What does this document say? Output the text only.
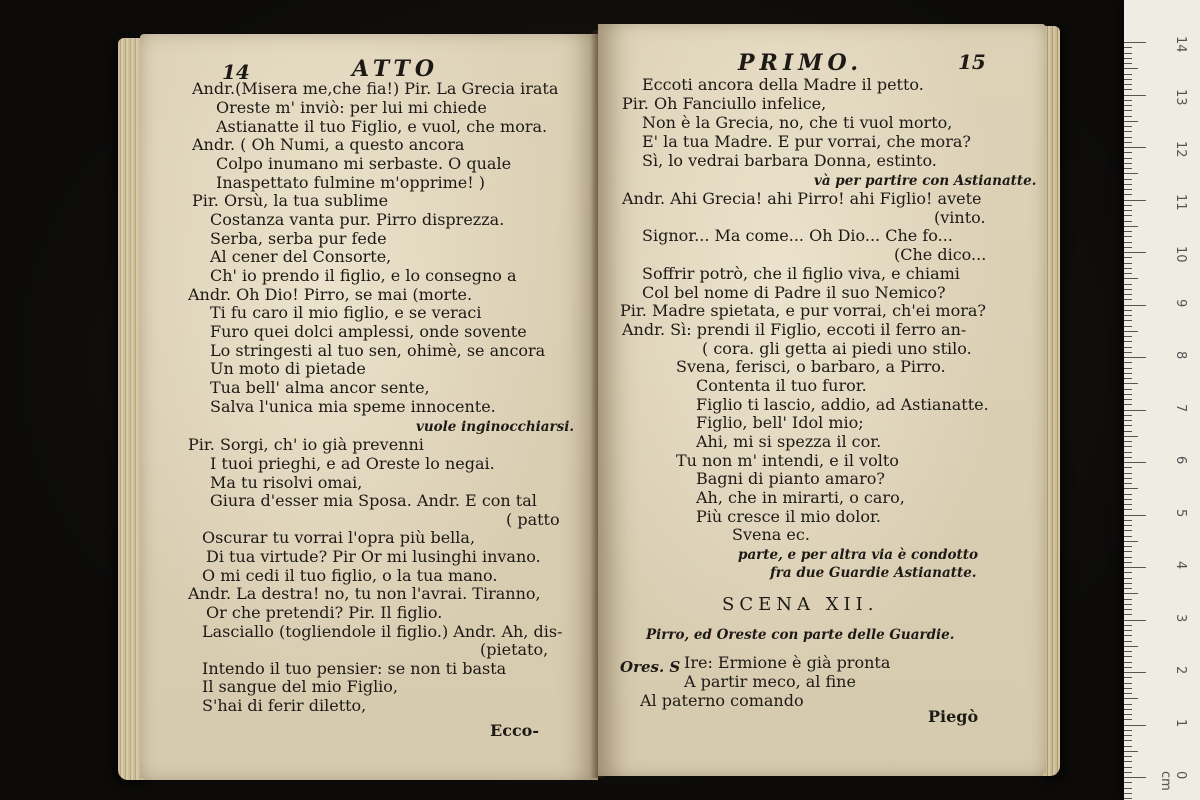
14	ATTO
Andr.(Misera me,che fia!) Pir. La Grecia irata
Oreste m' inviò: per lui mi chiede
Astianatte il tuo Figlio, e vuol, che mora.
Andr. ( Oh Numi, a questo ancora
Colpo inumano mi serbaste. O quale
Inaspettato fulmine m'opprime! )
Pir. Orsù, la tua sublime
Costanza vanta pur. Pirro disprezza.
Serba, serba pur fede
Al cener del Consorte,
Ch' io prendo il figlio, e lo consegno a
Andr. Oh Dio! Pirro, se mai (morte.
Ti fu caro il mio figlio, e se veraci
Furo quei dolci amplessi, onde sovente
Lo stringesti al tuo sen, ohimè, se ancora
Un moto di pietade
Tua bell' alma ancor sente,
Salva l'unica mia speme innocente.
vuole inginocchiarsi.
Pir. Sorgi, ch' io già prevenni
I tuoi prieghi, e ad Oreste lo negai.
Ma tu risolvi omai,
Giura d'esser mia Sposa. Andr. E con tal
( patto
Oscurar tu vorrai l'opra più bella,
Di tua virtude? Pir Or mi lusinghi invano.
O mi cedi il tuo figlio, o la tua mano.
Andr. La destra! no, tu non l'avrai. Tiranno,
Or che pretendi? Pir. Il figlio.
Lasciallo (togliendole il figlio.) Andr. Ah, dis-
(pietato,
Intendo il tuo pensier: se non ti basta
Il sangue del mio Figlio,
S'hai di ferir diletto,
Ecco-
PRIMO.	15
Eccoti ancora della Madre il petto.
Pir. Oh Fanciullo infelice,
Non è la Grecia, no, che ti vuol morto,
E' la tua Madre. E pur vorrai, che mora?
Sì, lo vedrai barbara Donna, estinto.
và per partire con Astianatte.
Andr. Ahi Grecia! ahi Pirro! ahi Figlio! avete
(vinto.
Signor... Ma come... Oh Dio... Che fo...
(Che dico...
Soffrir potrò, che il figlio viva, e chiami
Col bel nome di Padre il suo Nemico?
Pir. Madre spietata, e pur vorrai, ch'ei mora?
Andr. Sì: prendi il Figlio, eccoti il ferro an-
( cora. gli getta ai piedi uno stilo.
Svena, ferisci, o barbaro, a Pirro.
Contenta il tuo furor.
Figlio ti lascio, addio, ad Astianatte.
Figlio, bell' Idol mio;
Ahi, mi si spezza il cor.
Tu non m' intendi, e il volto
Bagni di pianto amaro?
Ah, che in mirarti, o caro,
Più cresce il mio dolor.
Svena ec.
parte, e per altra via è condotto
fra due Guardie Astianatte.
SCENA XII.
Pirro, ed Oreste con parte delle Guardie.
Ores. S Ire: Ermione è già pronta
A partir meco, al fine
Al paterno comando
Piegò
14
13
12
11
10
9
8
7
6
5
4
3
2
1
0 cm
